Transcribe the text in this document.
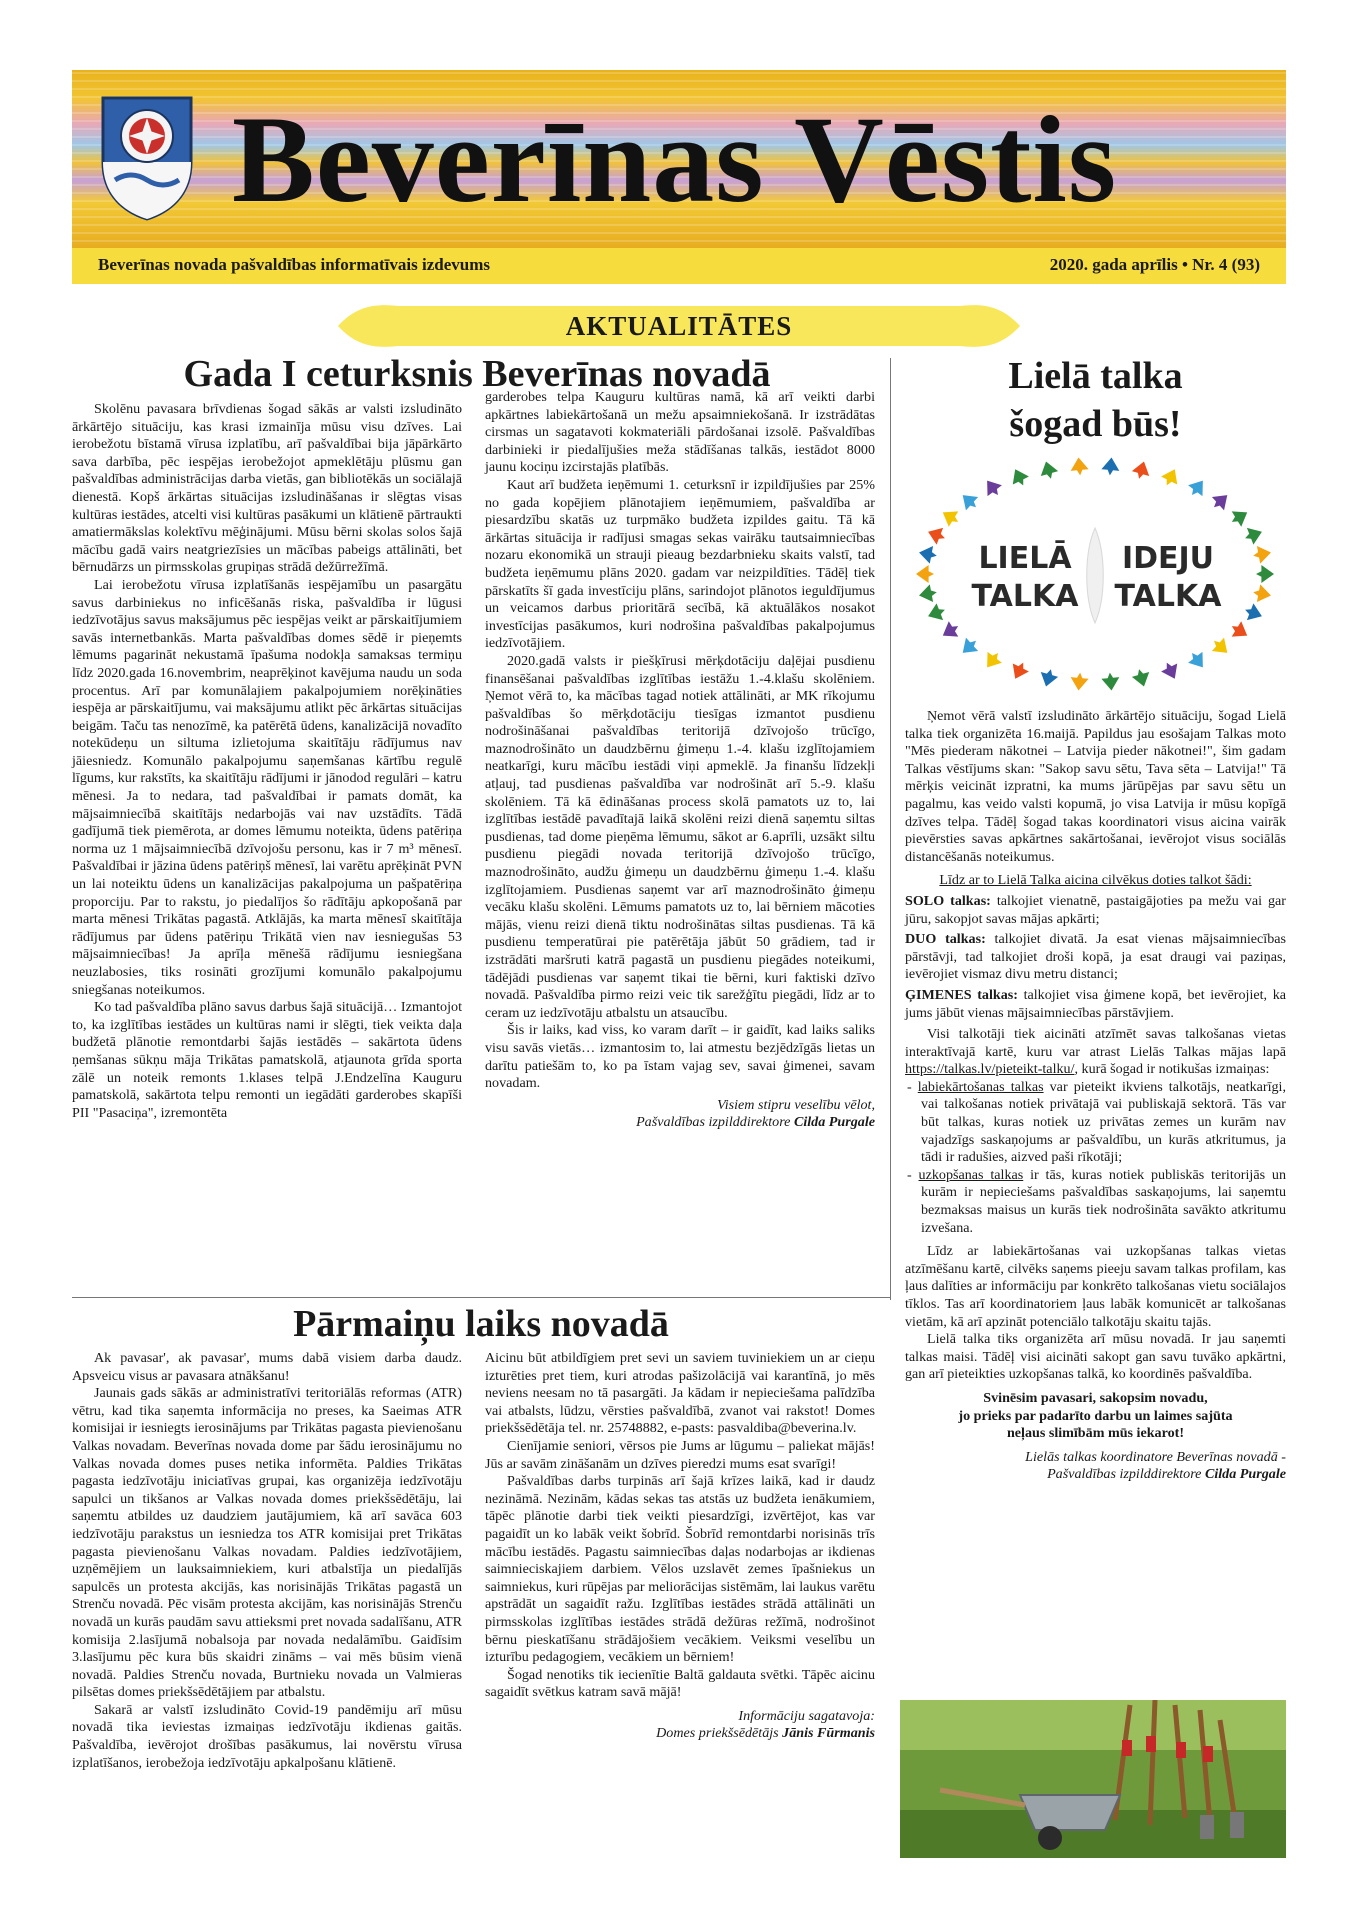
Beverīnas Vēstis
Beverīnas novada pašvaldības informatīvais izdevums	2020. gada aprīlis • Nr. 4 (93)
AKTUALITĀTES
Gada I ceturksnis Beverīnas novadā

Skolēnu pavasara brīvdienas šogad sākās ar valsti izsludināto ārkārtējo situāciju, kas krasi izmainīja mūsu visu dzīves. Lai ierobežotu bīstamā vīrusa izplatību, arī pašvaldībai bija jāpārkārto sava darbība, pēc iespējas ierobežojot apmeklētāju plūsmu gan pašvaldības administrācijas darba vietās, gan bibliotēkās un sociālajā dienestā. Kopš ārkārtas situācijas izsludināšanas ir slēgtas visas kultūras iestādes, atcelti visi kultūras pasākumi un klātienē pārtraukti amatiermākslas kolektīvu mēģinājumi. Mūsu bērni skolas solos šajā mācību gadā vairs neatgriezīsies un mācības pabeigs attālināti, bet bērnudārzs un pirmsskolas grupiņas strādā dežūrrežīmā.

Lai ierobežotu vīrusa izplatīšanās iespējamību un pasargātu savus darbiniekus no inficēšanās riska, pašvaldība ir lūgusi iedzīvotājus savus maksājumus pēc iespējas veikt ar pārskaitījumiem savās internetbankās. Marta pašvaldības domes sēdē ir pieņemts lēmums pagarināt nekustamā īpašuma nodokļa samaksas termiņu līdz 2020.gada 16.novembrim, neaprēķinot kavējuma naudu un soda procentus. Arī par komunālajiem pakalpojumiem norēķināties iespēja ar pārskaitījumu, vai maksājumu atlikt pēc ārkārtas situācijas beigām. Taču tas nenozīmē, ka patērētā ūdens, kanalizācijā novadīto notekūdeņu un siltuma izlietojuma skaitītāju rādījumus nav jāiesniedz. Komunālo pakalpojumu saņemšanas kārtību regulē līgums, kur rakstīts, ka skaitītāju rādījumi ir jānodod regulāri – katru mēnesi. Ja to nedara, tad pašvaldībai ir pamats domāt, ka mājsaimniecībā skaitītājs nedarbojās vai nav uzstādīts. Tādā gadījumā tiek piemērota, ar domes lēmumu noteikta, ūdens patēriņa norma uz 1 mājsaimniecībā dzīvojošu personu, kas ir 7 m³ mēnesī. Pašvaldībai ir jāzina ūdens patēriņš mēnesī, lai varētu aprēķināt PVN un lai noteiktu ūdens un kanalizācijas pakalpojuma un pašpatēriņa proporciju. Par to rakstu, jo piedalījos šo rādītāju apkopošanā par marta mēnesi Trikātas pagastā. Atklājās, ka marta mēnesī skaitītāja rādījumus par ūdens patēriņu Trikātā vien nav iesniegušas 53 mājsaimniecības! Ja aprīļa mēnešā rādījumu iesniegšana neuzlabosies, tiks rosināti grozījumi komunālo pakalpojumu sniegšanas noteikumos.

Ko tad pašvaldība plāno savus darbus šajā situācijā… Izmantojot to, ka izglītības iestādes un kultūras nami ir slēgti, tiek veikta daļa budžetā plānotie remontdarbi šajās iestādēs – sakārtota ūdens ņemšanas sūkņu māja Trikātas pamatskolā, atjaunota grīda sporta zālē un noteik remonts 1.klases telpā J.Endzelīna Kauguru pamatskolā, sakārtota telpu remonti un iegādāti garderobes skapīši PII "Pasaciņa", izremontēta

garderobes telpa Kauguru kultūras namā, kā arī veikti darbi apkārtnes labiekārtošanā un mežu apsaimniekošanā. Ir izstrādātas cirsmas un sagatavoti kokmateriāli pārdošanai izsolē. Pašvaldības darbinieki ir piedalījušies meža stādīšanas talkās, iestādot 8000 jaunu kociņu izcirstajās platībās.

Kaut arī budžeta ieņēmumi 1. ceturksnī ir izpildījušies par 25% no gada kopējiem plānotajiem ieņēmumiem, pašvaldība ar piesardzību skatās uz turpmāko budžeta izpildes gaitu. Tā kā ārkārtas situācija ir radījusi smagas sekas vairāku tautsaimniecības nozaru ekonomikā un strauji pieaug bezdarbnieku skaits valstī, tad budžeta ieņēmumu plāns 2020. gadam var neizpildīties. Tādēļ tiek pārskatīts šī gada investīciju plāns, sarindojot plānotos ieguldījumus un veicamos darbus prioritārā secībā, kā aktuālākos nosakot investīcijas pasākumos, kuri nodrošina pašvaldības pakalpojumus iedzīvotājiem.

2020.gadā valsts ir piešķīrusi mērķdotāciju daļējai pusdienu finansēšanai pašvaldības izglītības iestāžu 1.-4.klašu skolēniem. Ņemot vērā to, ka mācības tagad notiek attālināti, ar MK rīkojumu pašvaldības šo mērķdotāciju tiesīgas izmantot pusdienu nodrošināšanai pašvaldības teritorijā dzīvojošo trūcīgo, maznodrošināto un daudzbērnu ģimeņu 1.-4. klašu izglītojamiem neatkarīgi, kuru mācību iestādi viņi apmeklē. Ja finanšu līdzekļi atļauj, tad pusdienas pašvaldība var nodrošināt arī 5.-9. klašu skolēniem. Tā kā ēdināšanas process skolā pamatots uz to, lai izglītības iestādē pavadītajā laikā skolēni reizi dienā saņemtu siltas pusdienas, tad dome pieņēma lēmumu, sākot ar 6.aprīli, uzsākt siltu pusdienu piegādi novada teritorijā dzīvojošo trūcīgo, maznodrošināto, audžu ģimeņu un daudzbērnu ģimeņu 1.-4. klašu izglītojamiem. Pusdienas saņemt var arī maznodrošināto ģimeņu vecāku klašu skolēni. Lēmums pamatots uz to, lai bērniem mācoties mājās, vienu reizi dienā tiktu nodrošinātas siltas pusdienas. Tā kā pusdienu temperatūrai pie patērētāja jābūt 50 grādiem, tad ir izstrādāti maršruti katrā pagastā un pusdienu piegādes noteikumi, tādējādi pusdienas var saņemt tikai tie bērni, kuri faktiski dzīvo novadā. Pašvaldība pirmo reizi veic tik sarežģītu piegādi, līdz ar to ceram uz iedzīvotāju atbalstu un atsaucību.

Šis ir laiks, kad viss, ko varam darīt – ir gaidīt, kad laiks saliks visu savās vietās… izmantosim to, lai atmestu bezjēdzīgās lietas un darītu patiešām to, ko pa īstam vajag sev, savai ģimenei, savam novadam.

Visiem stipru veselību vēlot,

Pašvaldības izpilddirektore Cilda Purgale

Pārmaiņu laiks novadā

Ak pavasar', ak pavasar', mums dabā visiem darba daudz. Apsveicu visus ar pavasara atnākšanu!

Jaunais gads sākās ar administratīvi teritoriālās reformas (ATR) vētru, kad tika saņemta informācija no preses, ka Saeimas ATR komisijai ir iesniegts ierosinājums par Trikātas pagasta pievienošanu Valkas novadam. Beverīnas novada dome par šādu ierosinājumu no Valkas novada domes puses netika informēta. Paldies Trikātas pagasta iedzīvotāju iniciatīvas grupai, kas organizēja iedzīvotāju sapulci un tikšanos ar Valkas novada domes priekšsēdētāju, lai saņemtu atbildes uz daudziem jautājumiem, kā arī savāca 603 iedzīvotāju parakstus un iesniedza tos ATR komisijai pret Trikātas pagasta pievienošanu Valkas novadam. Paldies iedzīvotājiem, uzņēmējiem un lauksaimniekiem, kuri atbalstīja un piedalījās sapulcēs un protesta akcijās, kas norisinājās Trikātas pagastā un Strenču novadā. Pēc visām protesta akcijām, kas norisinājās Strenču novadā un kurās paudām savu attieksmi pret novada sadalīšanu, ATR komisija 2.lasījumā nobalsoja par novada nedalāmību. Gaidīsim 3.lasījumu pēc kura būs skaidri zināms – vai mēs būsim vienā novadā. Paldies Strenču novada, Burtnieku novada un Valmieras pilsētas domes priekšsēdētājiem par atbalstu.

Sakarā ar valstī izsludināto Covid-19 pandēmiju arī mūsu novadā tika ieviestas izmaiņas iedzīvotāju ikdienas gaitās. Pašvaldība, ievērojot drošības pasākumus, lai novērstu vīrusa izplatīšanos, ierobežoja iedzīvotāju apkalpošanu klātienē.

Aicinu būt atbildīgiem pret sevi un saviem tuviniekiem un ar cieņu izturēties pret tiem, kuri atrodas pašizolācijā vai karantīnā, jo mēs neviens neesam no tā pasargāti. Ja kādam ir nepieciešama palīdzība vai atbalsts, lūdzu, vērsties pašvaldībā, zvanot vai rakstot! Domes priekšsēdētāja tel. nr. 25748882, e-pasts: pasvaldiba@beverina.lv.

Cienījamie seniori, vērsos pie Jums ar lūgumu – paliekat mājās! Jūs ar savām zināšanām un dzīves pieredzi mums esat svarīgi!

Pašvaldības darbs turpinās arī šajā krīzes laikā, kad ir daudz nezināmā. Nezinām, kādas sekas tas atstās uz budžeta ienākumiem, tāpēc plānotie darbi tiek veikti piesardzīgi, izvērtējot, kas var pagaidīt un ko labāk veikt šobrīd. Šobrīd remontdarbi norisinās trīs mācību iestādēs. Pagastu saimniecības daļas nodarbojas ar ikdienas saimnieciskajiem darbiem. Vēlos uzslavēt zemes īpašniekus un saimniekus, kuri rūpējas par meliorācijas sistēmām, lai laukus varētu apstrādāt un sagaidīt ražu. Izglītības iestādes strādā attālināti un pirmsskolas izglītības iestādes strādā dežūras režīmā, nodrošinot bērnu pieskatīšanu strādājošiem vecākiem. Veiksmi veselību un izturību pedagogiem, vecākiem un bērniem!

Šogad nenotiks tik iecienītie Baltā galdauta svētki. Tāpēc aicinu sagaidīt svētkus katram savā mājā!

Informāciju sagatavoja:

Domes priekšsēdētājs Jānis Fūrmanis

Lielā talka
šogad būs!
LIELĀ
TALKA
IDEJU
TALKA

Ņemot vērā valstī izsludināto ārkārtējo situāciju, šogad Lielā talka tiek organizēta 16.maijā. Papildus jau esošajam Talkas moto "Mēs piederam nākotnei – Latvija pieder nākotnei!", šim gadam Talkas vēstījums skan: "Sakop savu sētu, Tava sēta – Latvija!" Tā mērķis veicināt izpratni, ka mums jārūpējas par savu sētu un pagalmu, kas veido valsti kopumā, jo visa Latvija ir mūsu kopīgā dzīves telpa. Tādēļ šogad takas koordinatori visus aicina vairāk pievērsties savas apkārtnes sakārtošanai, ievērojot visus sociālās distancēšanās noteikumus.

Līdz ar to Lielā Talka aicina cilvēkus doties talkot šādi:

SOLO talkas: talkojiet vienatnē, pastaigājoties pa mežu vai gar jūru, sakopjot savas mājas apkārti;

DUO talkas: talkojiet divatā. Ja esat vienas mājsaimniecības pārstāvji, tad talkojiet droši kopā, ja esat draugi vai paziņas, ievērojiet vismaz divu metru distanci;

ĢIMENES talkas: talkojiet visa ģimene kopā, bet ievērojiet, ka jums jābūt vienas mājsaimniecības pārstāvjiem.

Visi talkotāji tiek aicināti atzīmēt savas talkošanas vietas interaktīvajā kartē, kuru var atrast Lielās Talkas mājas lapā https://talkas.lv/pieteikt-talku/, kurā šogad ir notikušas izmaiņas:

- labiekārtošanas talkas var pieteikt ikviens talkotājs, neatkarīgi, vai talkošanas notiek privātajā vai publiskajā sektorā. Tās var būt talkas, kuras notiek uz privātas zemes un kurām nav vajadzīgs saskaņojums ar pašvaldību, un kurās atkritumus, ja tādi ir radušies, aizved paši rīkotāji;

- uzkopšanas talkas ir tās, kuras notiek publiskās teritorijās un kurām ir nepieciešams pašvaldības saskaņojums, lai saņemtu bezmaksas maisus un kurās tiek nodrošināta savākto atkritumu izvešana.

Līdz ar labiekārtošanas vai uzkopšanas talkas vietas atzīmēšanu kartē, cilvēks saņems pieeju savam talkas profilam, kas ļaus dalīties ar informāciju par konkrēto talkošanas vietu sociālajos tīklos. Tas arī koordinatoriem ļaus labāk komunicēt ar talkošanas vietām, kā arī apzināt potenciālo talkotāju skaitu tajās.

Lielā talka tiks organizēta arī mūsu novadā. Ir jau saņemti talkas maisi. Tādēļ visi aicināti sakopt gan savu tuvāko apkārtni, gan arī pieteikties uzkopšanas talkā, ko koordinēs pašvaldība.

Svinēsim pavasari, sakopsim novadu,

jo prieks par padarīto darbu un laimes sajūta

neļaus slimībām mūs iekarot!

Lielās talkas koordinatore Beverīnas novadā -

Pašvaldības izpilddirektore Cilda Purgale
